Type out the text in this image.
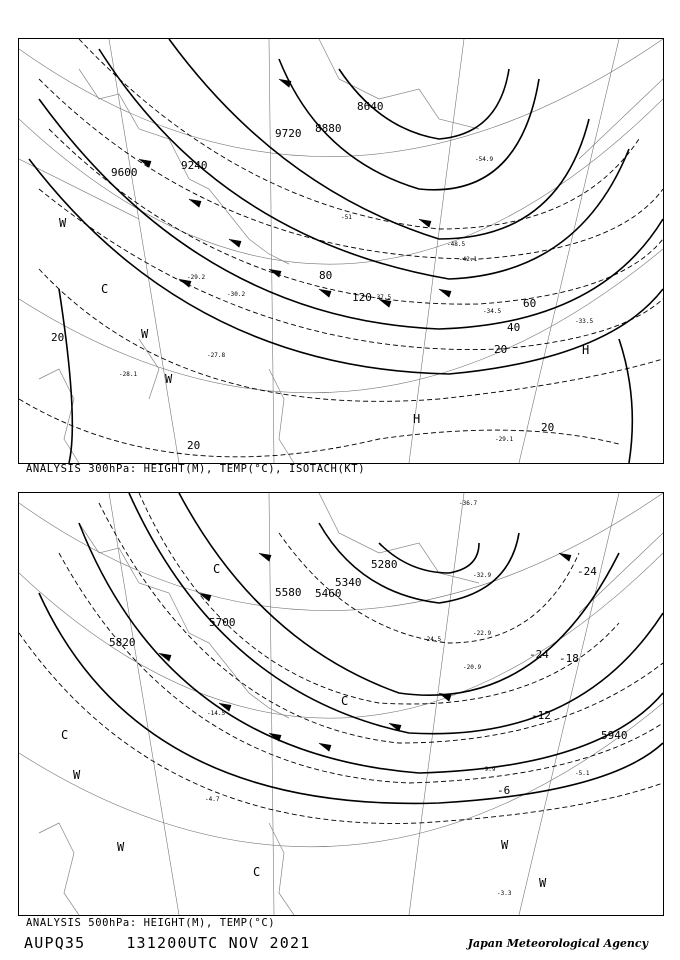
9600
9720 8880
8640
9240
20
20
40
60
80
120
20
20
-29.2
-30.2	-37.5
-33.5
-28.1
-27.8
-29.1
-54.9
-51
-48.5
-42.1
-34.5
W
C
W
W
H
H
ANALYSIS 300hPa: HEIGHT(M), TEMP(°C), ISOTACH(KT)
5820
5700
5460
5340
5280
5940
5580
-6
-12
-18
-24
-24
-14.5
-24.5
-22.9
-20.9
-5.1
-9.9
-4.7
-3.3
-32.9
-36.7
C
C
C
W
W	W
W
C
ANALYSIS 500hPa: HEIGHT(M), TEMP(°C)
AUPQ35	131200UTC NOV 2021	Japan Meteorological Agency
